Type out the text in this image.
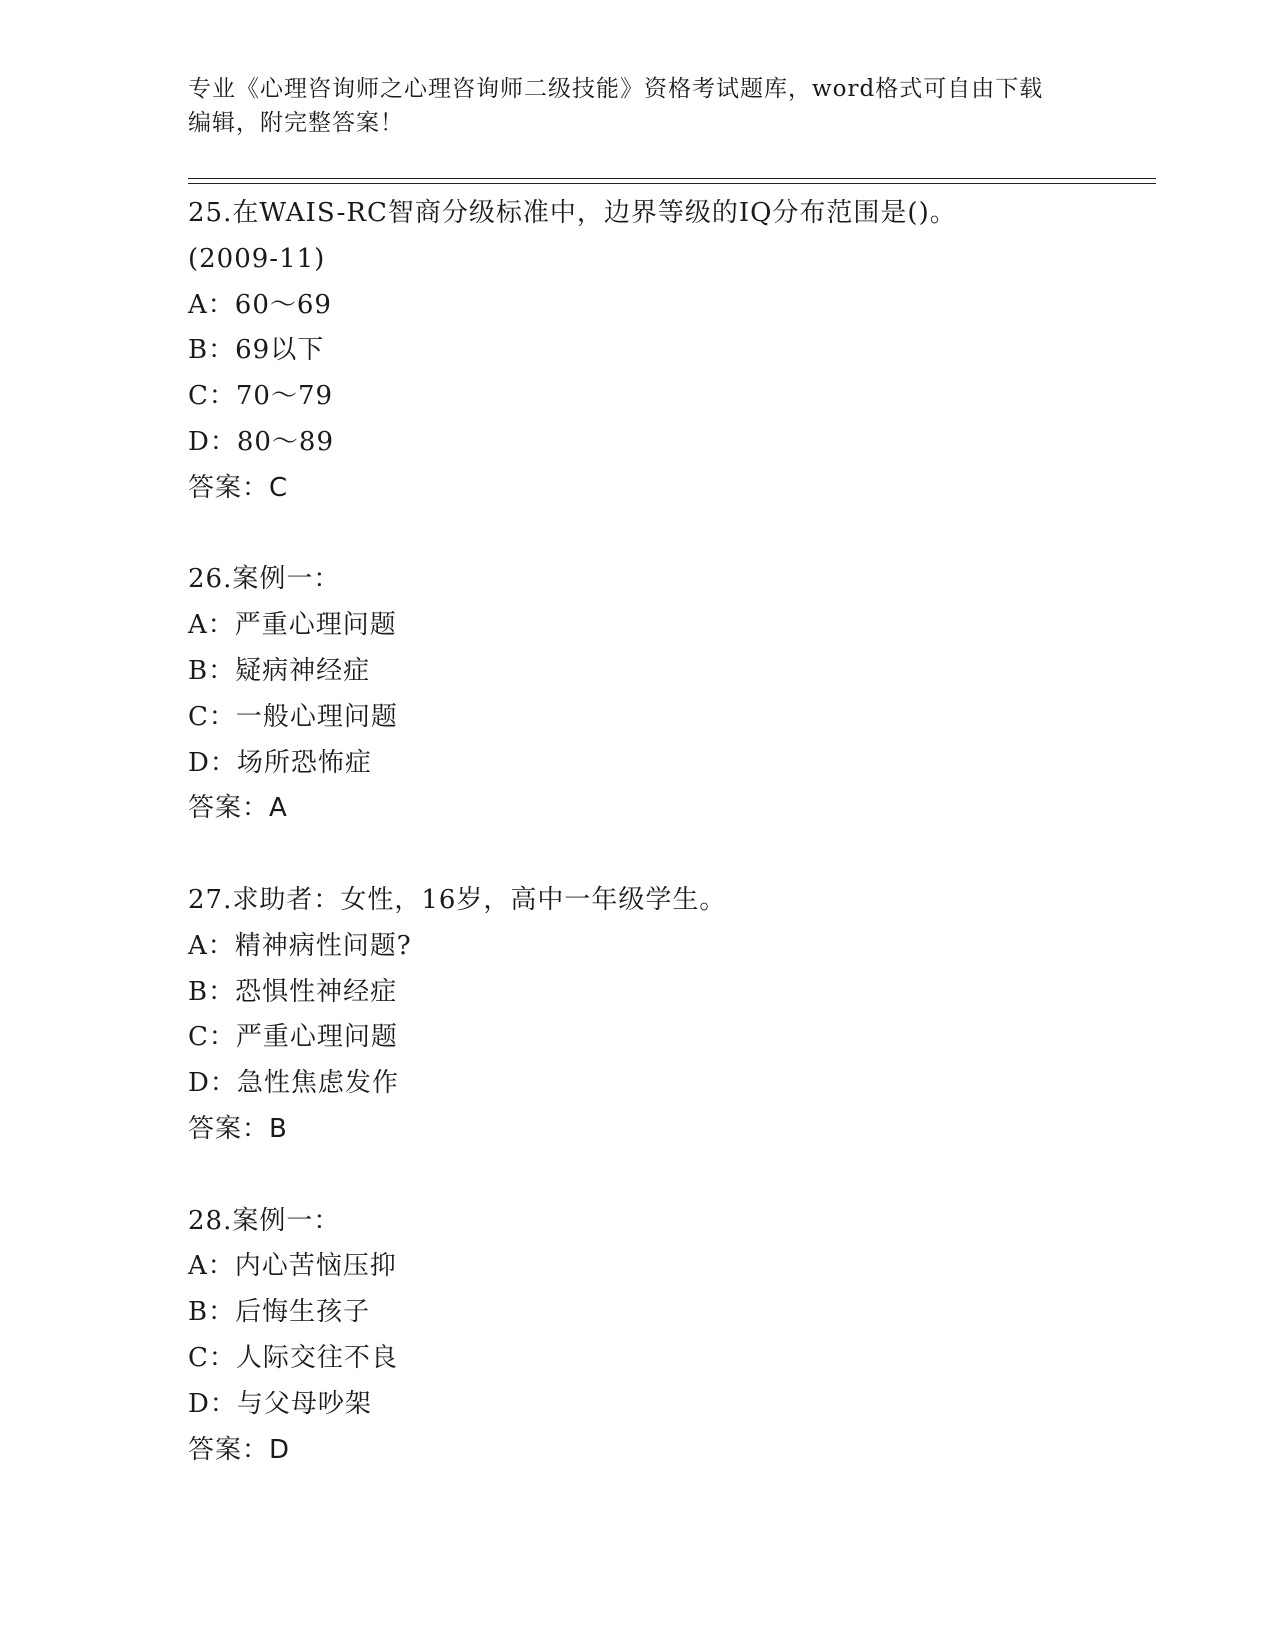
专业《心理咨询师之心理咨询师二级技能》资格考试题库，word格式可自由下载
编辑，附完整答案！
25.在WAIS-RC智商分级标准中，边界等级的IQ分布范围是()。
(2009-11)
A：60～69
B：69以下
C：70～79
D：80～89
答案：C
26.案例一：
A：严重心理问题
B：疑病神经症
C：一般心理问题
D：场所恐怖症
答案：A
27.求助者：女性，16岁，高中一年级学生。
A：精神病性问题?
B：恐惧性神经症
C：严重心理问题
D：急性焦虑发作
答案：B
28.案例一：
A：内心苦恼压抑
B：后悔生孩子
C：人际交往不良
D：与父母吵架
答案：D
